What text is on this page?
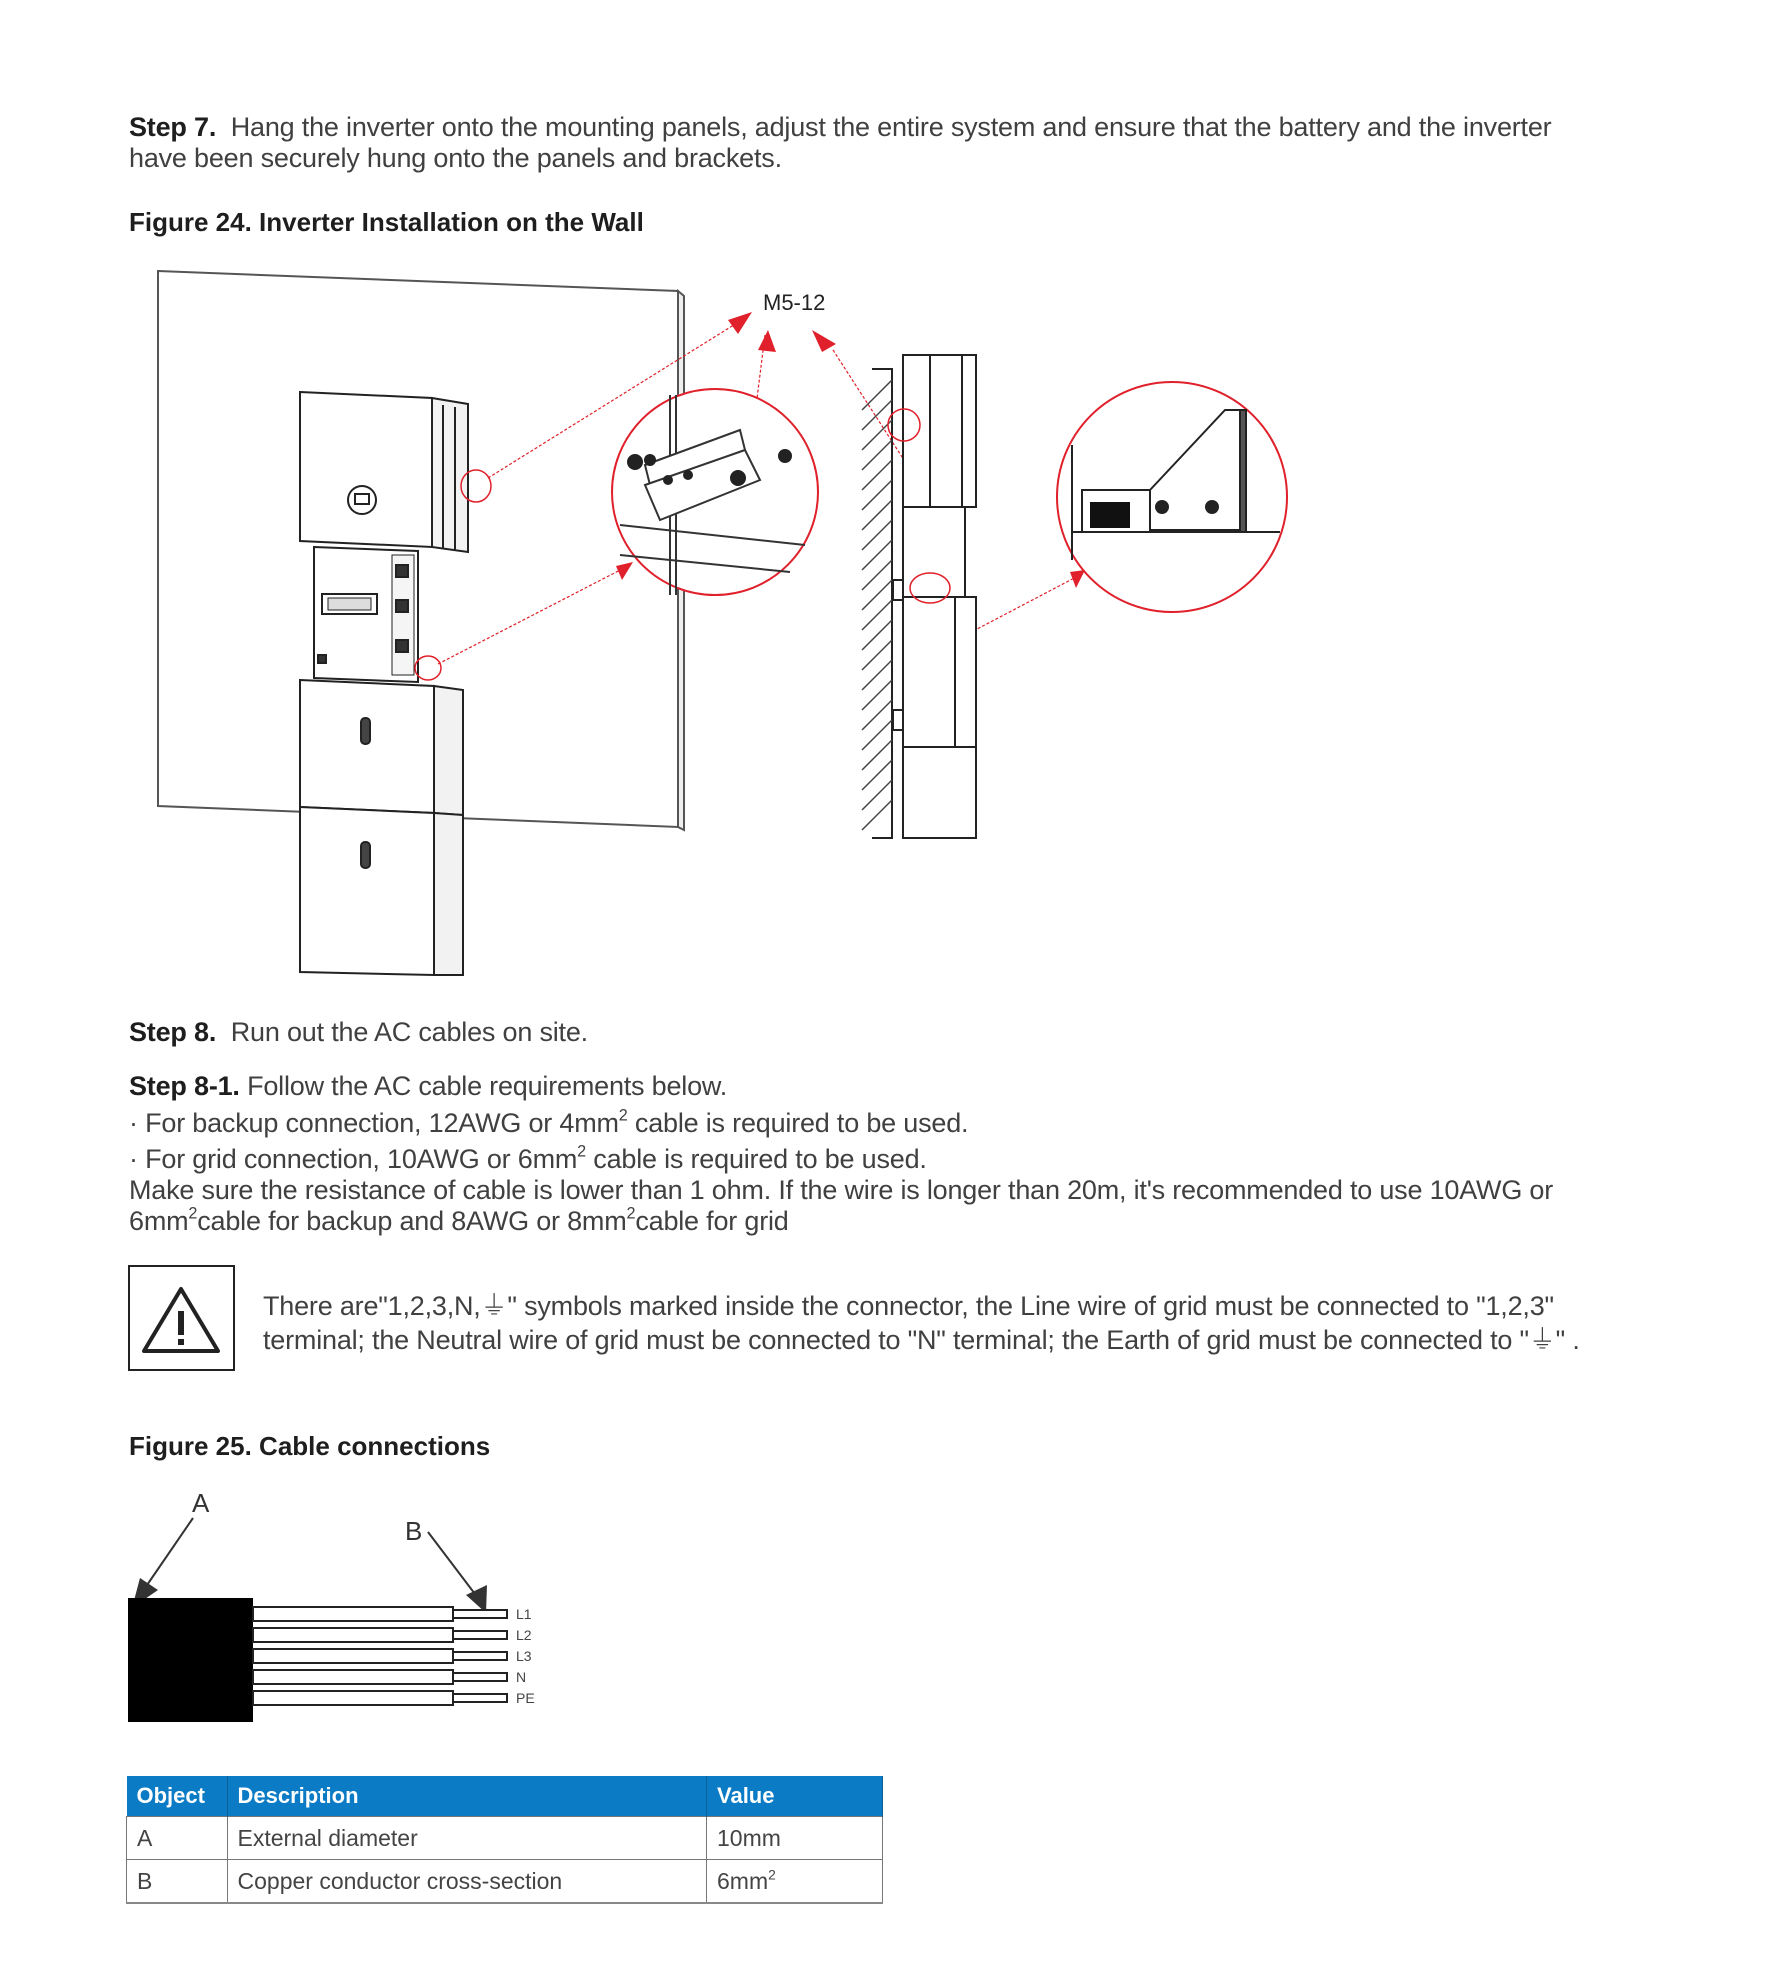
Step 7. Hang the inverter onto the mounting panels, adjust the entire system and ensure that the battery and the inverter
have been securely hung onto the panels and brackets.
Figure 24. Inverter Installation on the Wall
M5-12
Step 8. Run out the AC cables on site.
Step 8-1. Follow the AC cable requirements below.
· For backup connection, 12AWG or $4mm^2$ cable is required to be used.
· For grid connection, 10AWG or $6mm^2$ cable is required to be used.
Make sure the resistance of cable is lower than 1 ohm. If the wire is longer than 20m, it's recommended to use 10AWG or
$6mm^2cable$ for backup and 8AWG or $8mm^2cable$ for grid
There are"1,2,3,N,⏚" symbols marked inside the connector, the Line wire of grid must be connected to "1,2,3"
terminal; the Neutral wire of grid must be connected to "N" terminal; the Earth of grid must be connected to "⏚" .
Figure 25. Cable connections
A
B
L1
L2
L3
N
PE
Object	Description	Value
A	External diameter	10mm
B	Copper conductor cross-section	$6mm^2$
